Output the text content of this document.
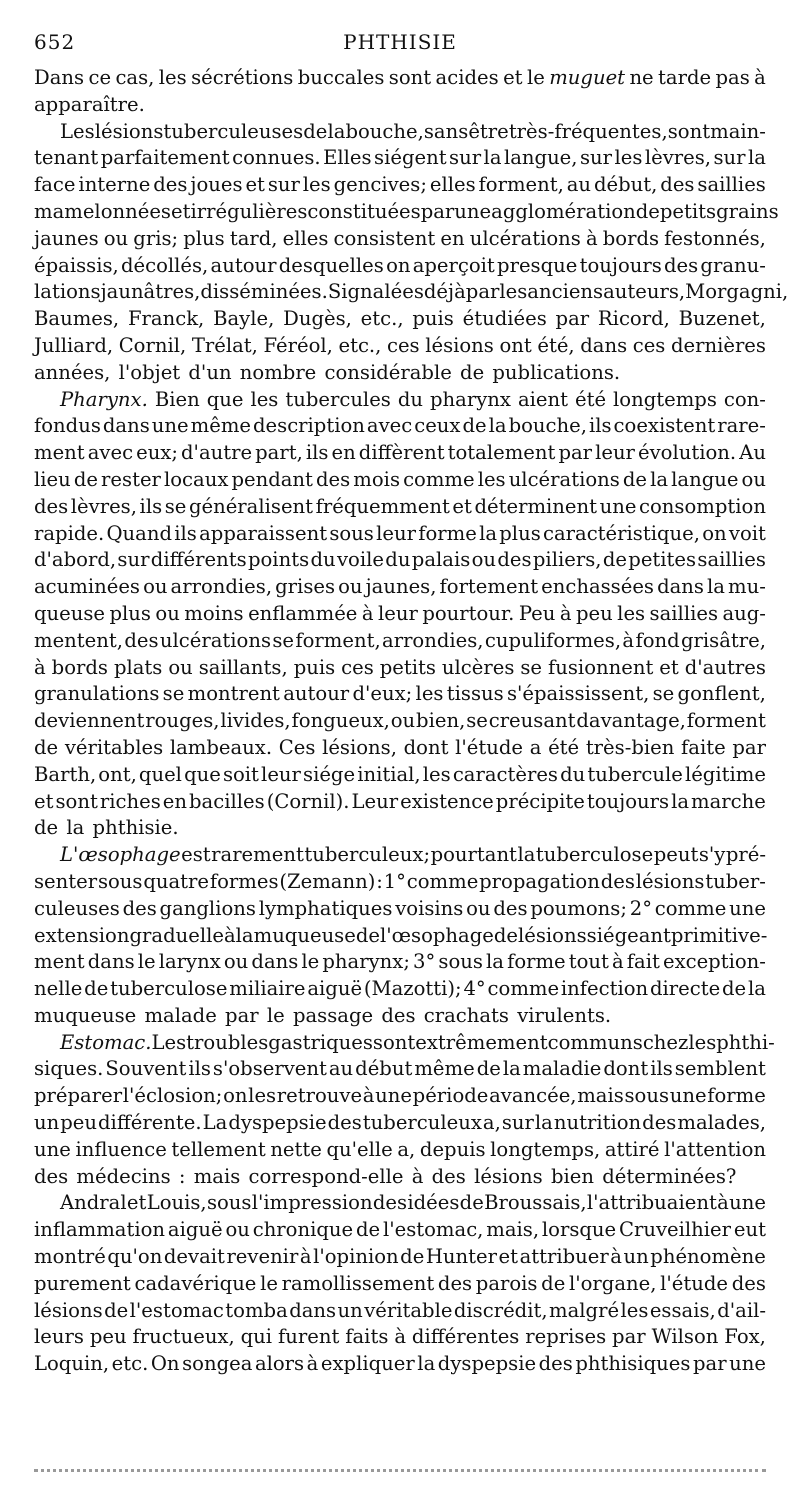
652	PHTHISIE
Dans ce cas, les sécrétions buccales sont acides et le muguet ne tarde pas à
apparaître.
Les lésions tuberculeuses de la bouche, sans être très-fréquentes, sont main-
tenant parfaitement connues. Elles siégent sur la langue, sur les lèvres, sur la
face interne des joues et sur les gencives; elles forment, au début, des saillies
mamelonnées et irrégulières constituées par une agglomération de petits grains
jaunes ou gris; plus tard, elles consistent en ulcérations à bords festonnés,
épaissis, décollés, autour desquelles on aperçoit presque toujours des granu-
lations jaunâtres, disséminées. Signalées déjà par les anciens auteurs, Morgagni,
Baumes, Franck, Bayle, Dugès, etc., puis étudiées par Ricord, Buzenet,
Julliard, Cornil, Trélat, Féréol, etc., ces lésions ont été, dans ces dernières
années, l'objet d'un nombre considérable de publications.
Pharynx. Bien que les tubercules du pharynx aient été longtemps con-
fondus dans une même description avec ceux de la bouche, ils coexistent rare-
ment avec eux; d'autre part, ils en diffèrent totalement par leur évolution. Au
lieu de rester locaux pendant des mois comme les ulcérations de la langue ou
des lèvres, ils se généralisent fréquemment et déterminent une consomption
rapide. Quand ils apparaissent sous leur forme la plus caractéristique, on voit
d'abord, sur différents points du voile du palais ou des piliers, de petites saillies
acuminées ou arrondies, grises ou jaunes, fortement enchassées dans la mu-
queuse plus ou moins enflammée à leur pourtour. Peu à peu les saillies aug-
mentent, des ulcérations se forment, arrondies, cupuliformes, à fond grisâtre,
à bords plats ou saillants, puis ces petits ulcères se fusionnent et d'autres
granulations se montrent autour d'eux; les tissus s'épaississent, se gonflent,
deviennent rouges, livides, fongueux, ou bien, se creusant davantage, forment
de véritables lambeaux. Ces lésions, dont l'étude a été très-bien faite par
Barth, ont, quel que soit leur siége initial, les caractères du tubercule légitime
et sont riches en bacilles (Cornil). Leur existence précipite toujours la marche
de la phthisie.
L'œsophage est rarement tuberculeux; pourtant la tuberculose peut s'y pré-
senter sous quatre formes (Zemann) : 1° comme propagation des lésions tuber-
culeuses des ganglions lymphatiques voisins ou des poumons; 2° comme une
extension graduelle à la muqueuse de l'œsophage de lésions siégeant primitive-
ment dans le larynx ou dans le pharynx; 3° sous la forme tout à fait exception-
nelle de tuberculose miliaire aiguë (Mazotti); 4° comme infection directe de la
muqueuse malade par le passage des crachats virulents.
Estomac. Les troubles gastriques sont extrêmement communs chez les phthi-
siques. Souvent ils s'observent au début même de la maladie dont ils semblent
préparer l'éclosion; on les retrouve à une période avancée, mais sous une forme
un peu différente. La dyspepsie des tuberculeux a, sur la nutrition des malades,
une influence tellement nette qu'elle a, depuis longtemps, attiré l'attention
des médecins : mais correspond-elle à des lésions bien déterminées?
Andral et Louis, sous l'impression des idées de Broussais, l'attribuaient à une
inflammation aiguë ou chronique de l'estomac, mais, lorsque Cruveilhier eut
montré qu'on devait revenir à l'opinion de Hunter et attribuer à un phénomène
purement cadavérique le ramollissement des parois de l'organe, l'étude des
lésions de l'estomac tomba dans un véritable discrédit, malgré les essais, d'ail-
leurs peu fructueux, qui furent faits à différentes reprises par Wilson Fox,
Loquin, etc. On songea alors à expliquer la dyspepsie des phthisiques par une
